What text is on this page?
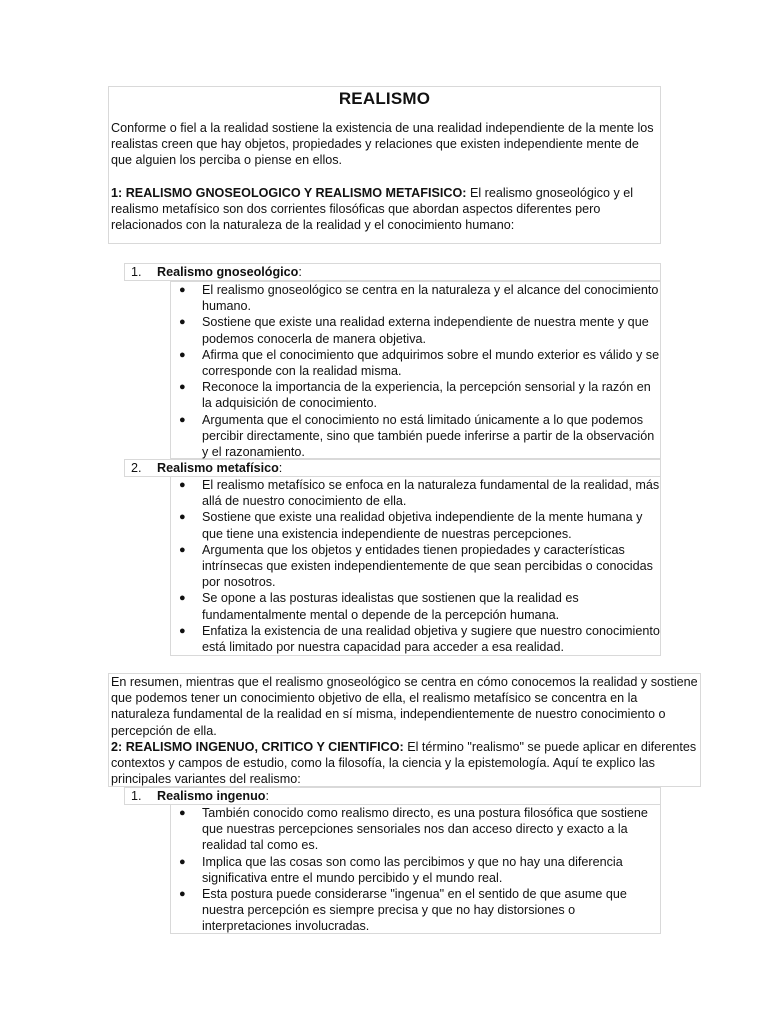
REALISMO

Conforme o fiel a la realidad sostiene la existencia de una realidad independiente de la mente los realistas creen que hay objetos, propiedades y relaciones que existen independiente mente de que alguien los perciba o piense en ellos.

1: REALISMO GNOSEOLOGICO Y REALISMO METAFISICO: El realismo gnoseológico y el realismo metafísico son dos corrientes filosóficas que abordan aspectos diferentes pero relacionados con la naturaleza de la realidad y el conocimiento humano:

1. Realismo gnoseológico:
● El realismo gnoseológico se centra en la naturaleza y el alcance del conocimiento humano.
● Sostiene que existe una realidad externa independiente de nuestra mente y que podemos conocerla de manera objetiva.
● Afirma que el conocimiento que adquirimos sobre el mundo exterior es válido y se corresponde con la realidad misma.
● Reconoce la importancia de la experiencia, la percepción sensorial y la razón en la adquisición de conocimiento.
● Argumenta que el conocimiento no está limitado únicamente a lo que podemos percibir directamente, sino que también puede inferirse a partir de la observación y el razonamiento.
2. Realismo metafísico:
● El realismo metafísico se enfoca en la naturaleza fundamental de la realidad, más allá de nuestro conocimiento de ella.
● Sostiene que existe una realidad objetiva independiente de la mente humana y que tiene una existencia independiente de nuestras percepciones.
● Argumenta que los objetos y entidades tienen propiedades y características intrínsecas que existen independientemente de que sean percibidas o conocidas por nosotros.
● Se opone a las posturas idealistas que sostienen que la realidad es fundamentalmente mental o depende de la percepción humana.
● Enfatiza la existencia de una realidad objetiva y sugiere que nuestro conocimiento está limitado por nuestra capacidad para acceder a esa realidad.

En resumen, mientras que el realismo gnoseológico se centra en cómo conocemos la realidad y sostiene que podemos tener un conocimiento objetivo de ella, el realismo metafísico se concentra en la naturaleza fundamental de la realidad en sí misma, independientemente de nuestro conocimiento o percepción de ella.

2: REALISMO INGENUO, CRITICO Y CIENTIFICO: El término "realismo" se puede aplicar en diferentes contextos y campos de estudio, como la filosofía, la ciencia y la epistemología. Aquí te explico las principales variantes del realismo:

1. Realismo ingenuo:
● También conocido como realismo directo, es una postura filosófica que sostiene que nuestras percepciones sensoriales nos dan acceso directo y exacto a la realidad tal como es.
● Implica que las cosas son como las percibimos y que no hay una diferencia significativa entre el mundo percibido y el mundo real.
● Esta postura puede considerarse "ingenua" en el sentido de que asume que nuestra percepción es siempre precisa y que no hay distorsiones o interpretaciones involucradas.
